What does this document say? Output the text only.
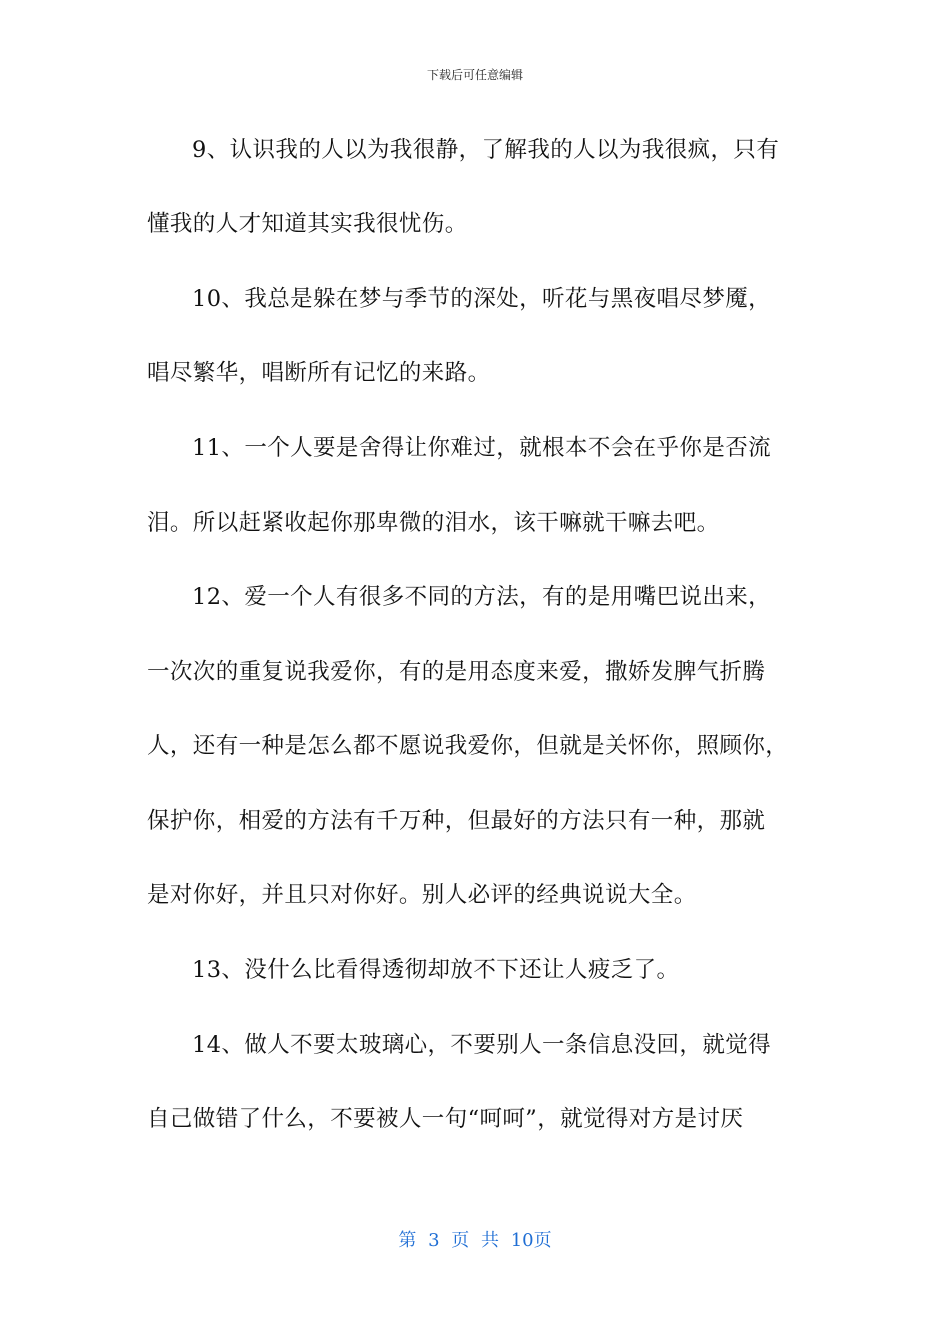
下载后可任意编辑
9、认识我的人以为我很静，了解我的人以为我很疯，只有
懂我的人才知道其实我很忧伤。
10、我总是躲在梦与季节的深处，听花与黑夜唱尽梦魇，
唱尽繁华，唱断所有记忆的来路。
11、一个人要是舍得让你难过，就根本不会在乎你是否流
泪。所以赶紧收起你那卑微的泪水，该干嘛就干嘛去吧。
12、爱一个人有很多不同的方法，有的是用嘴巴说出来，
一次次的重复说我爱你，有的是用态度来爱，撒娇发脾气折腾
人，还有一种是怎么都不愿说我爱你，但就是关怀你，照顾你，
保护你，相爱的方法有千万种，但最好的方法只有一种，那就
是对你好，并且只对你好。别人必评的经典说说大全。
13、没什么比看得透彻却放不下还让人疲乏了。
14、做人不要太玻璃心，不要别人一条信息没回，就觉得
自己做错了什么，不要被人一句“呵呵”，就觉得对方是讨厌
第 3 页 共 10页
